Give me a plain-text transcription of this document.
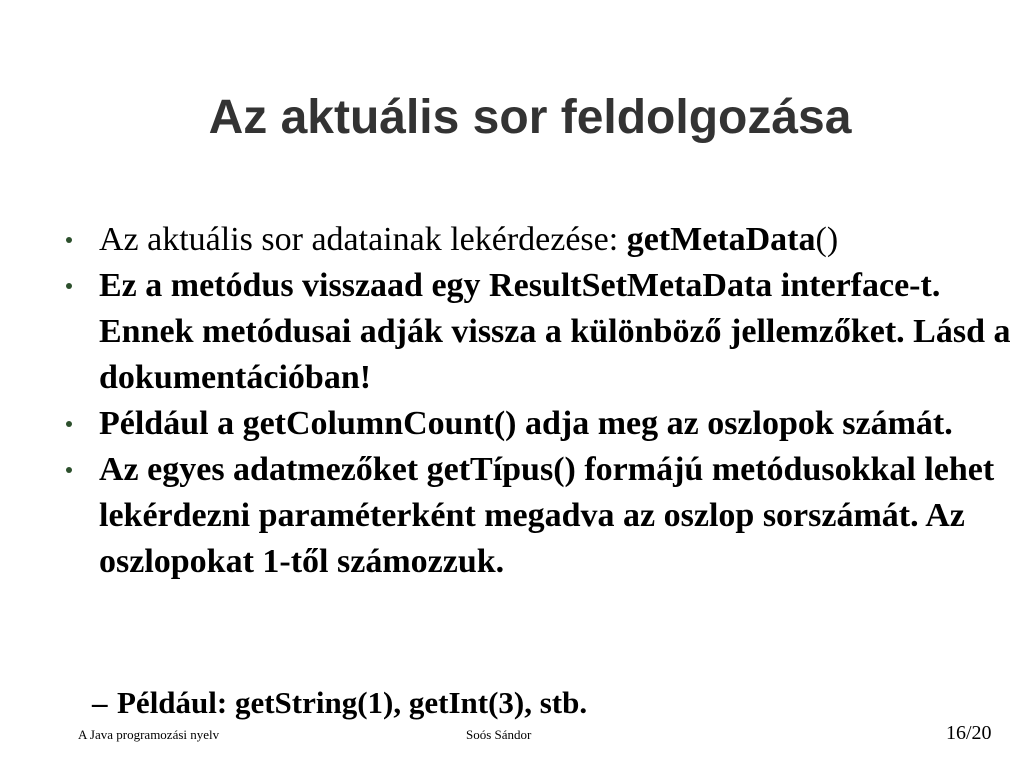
Az aktuális sor feldolgozása
Az aktuális sor adatainak lekérdezése: getMetaData()
Ez a metódus visszaad egy ResultSetMetaData interface-t. Ennek metódusai adják vissza a különböző jellemzőket. Lásd a dokumentációban!
Például a getColumnCount() adja meg az oszlopok számát.
Az egyes adatmezőket getTípus() formájú metódusokkal lehet lekérdezni paraméterként megadva az oszlop sorszámát. Az oszlopokat 1-től számozzuk.
– Például: getString(1), getInt(3), stb.
A Java programozási nyelv	Soós Sándor	16/20
